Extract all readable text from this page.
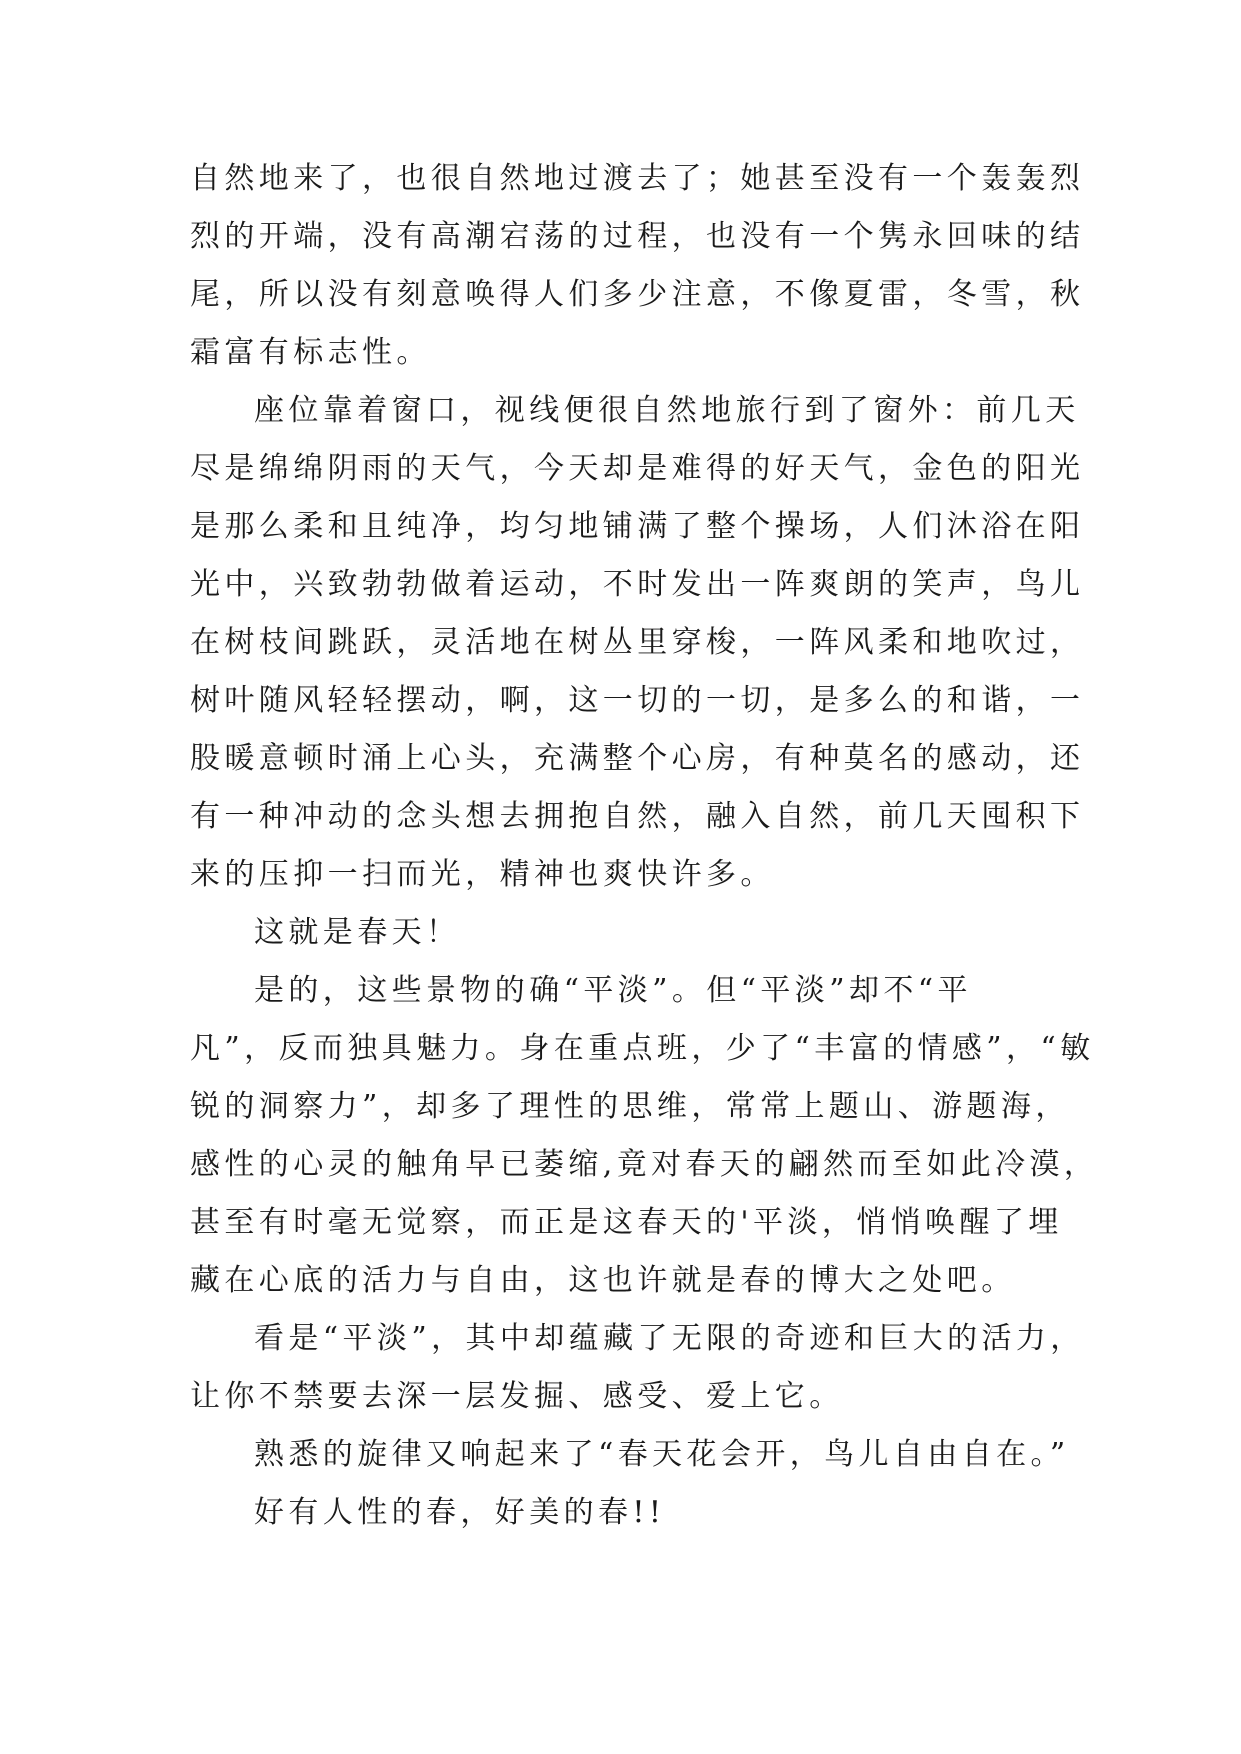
自然地来了，也很自然地过渡去了；她甚至没有一个轰轰烈
烈的开端，没有高潮宕荡的过程，也没有一个隽永回味的结
尾，所以没有刻意唤得人们多少注意，不像夏雷，冬雪，秋
霜富有标志性。
座位靠着窗口，视线便很自然地旅行到了窗外：前几天
尽是绵绵阴雨的天气，今天却是难得的好天气，金色的阳光
是那么柔和且纯净，均匀地铺满了整个操场，人们沐浴在阳
光中，兴致勃勃做着运动，不时发出一阵爽朗的笑声，鸟儿
在树枝间跳跃，灵活地在树丛里穿梭，一阵风柔和地吹过，
树叶随风轻轻摆动，啊，这一切的一切，是多么的和谐，一
股暖意顿时涌上心头，充满整个心房，有种莫名的感动，还
有一种冲动的念头想去拥抱自然，融入自然，前几天囤积下
来的压抑一扫而光，精神也爽快许多。
这就是春天！
是的，这些景物的确“平淡”。但“平淡”却不“平
凡”，反而独具魅力。身在重点班，少了“丰富的情感”，“敏
锐的洞察力”，却多了理性的思维，常常上题山、游题海，
感性的心灵的触角早已萎缩,竟对春天的翩然而至如此冷漠，
甚至有时毫无觉察，而正是这春天的'平淡，悄悄唤醒了埋
藏在心底的活力与自由，这也许就是春的博大之处吧。
看是“平淡”，其中却蕴藏了无限的奇迹和巨大的活力，
让你不禁要去深一层发掘、感受、爱上它。
熟悉的旋律又响起来了“春天花会开，鸟儿自由自在。”
好有人性的春，好美的春!!
